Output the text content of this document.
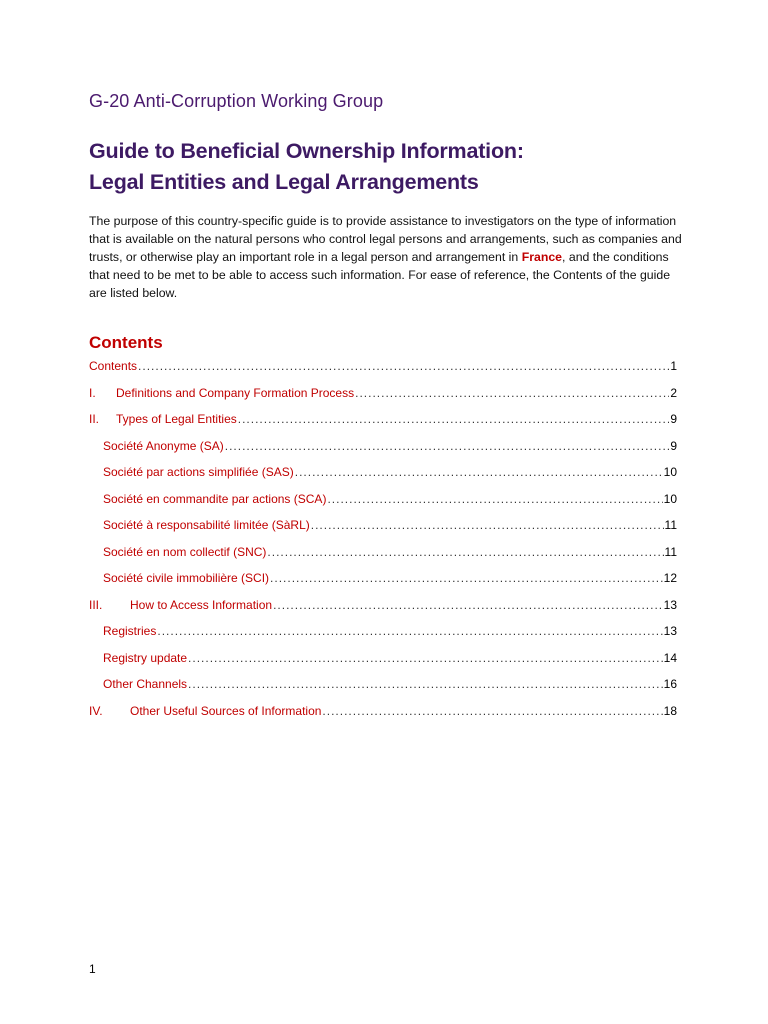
G-20 Anti-Corruption Working Group
Guide to Beneficial Ownership Information:
Legal Entities and Legal Arrangements
The purpose of this country-specific guide is to provide assistance to investigators on the type of information that is available on the natural persons who control legal persons and arrangements, such as companies and trusts, or otherwise play an important role in a legal person and arrangement in France, and the conditions that need to be met to be able to access such information. For ease of reference, the Contents of the guide are listed below.
Contents
Contents .....	1
I.	Definitions and Company Formation Process .....	2
II.	Types of Legal Entities .....	9
Société Anonyme (SA) .....	9
Société par actions simplifiée (SAS) .....	10
Société en commandite par actions (SCA) .....	10
Société à responsabilité limitée (SàRL) .....	11
Société en nom collectif (SNC) .....	11
Société civile immobilière (SCI) .....	12
III.	How to Access Information .....	13
Registries .....	13
Registry update .....	14
Other Channels .....	16
IV.	Other Useful Sources of Information .....	18
1
